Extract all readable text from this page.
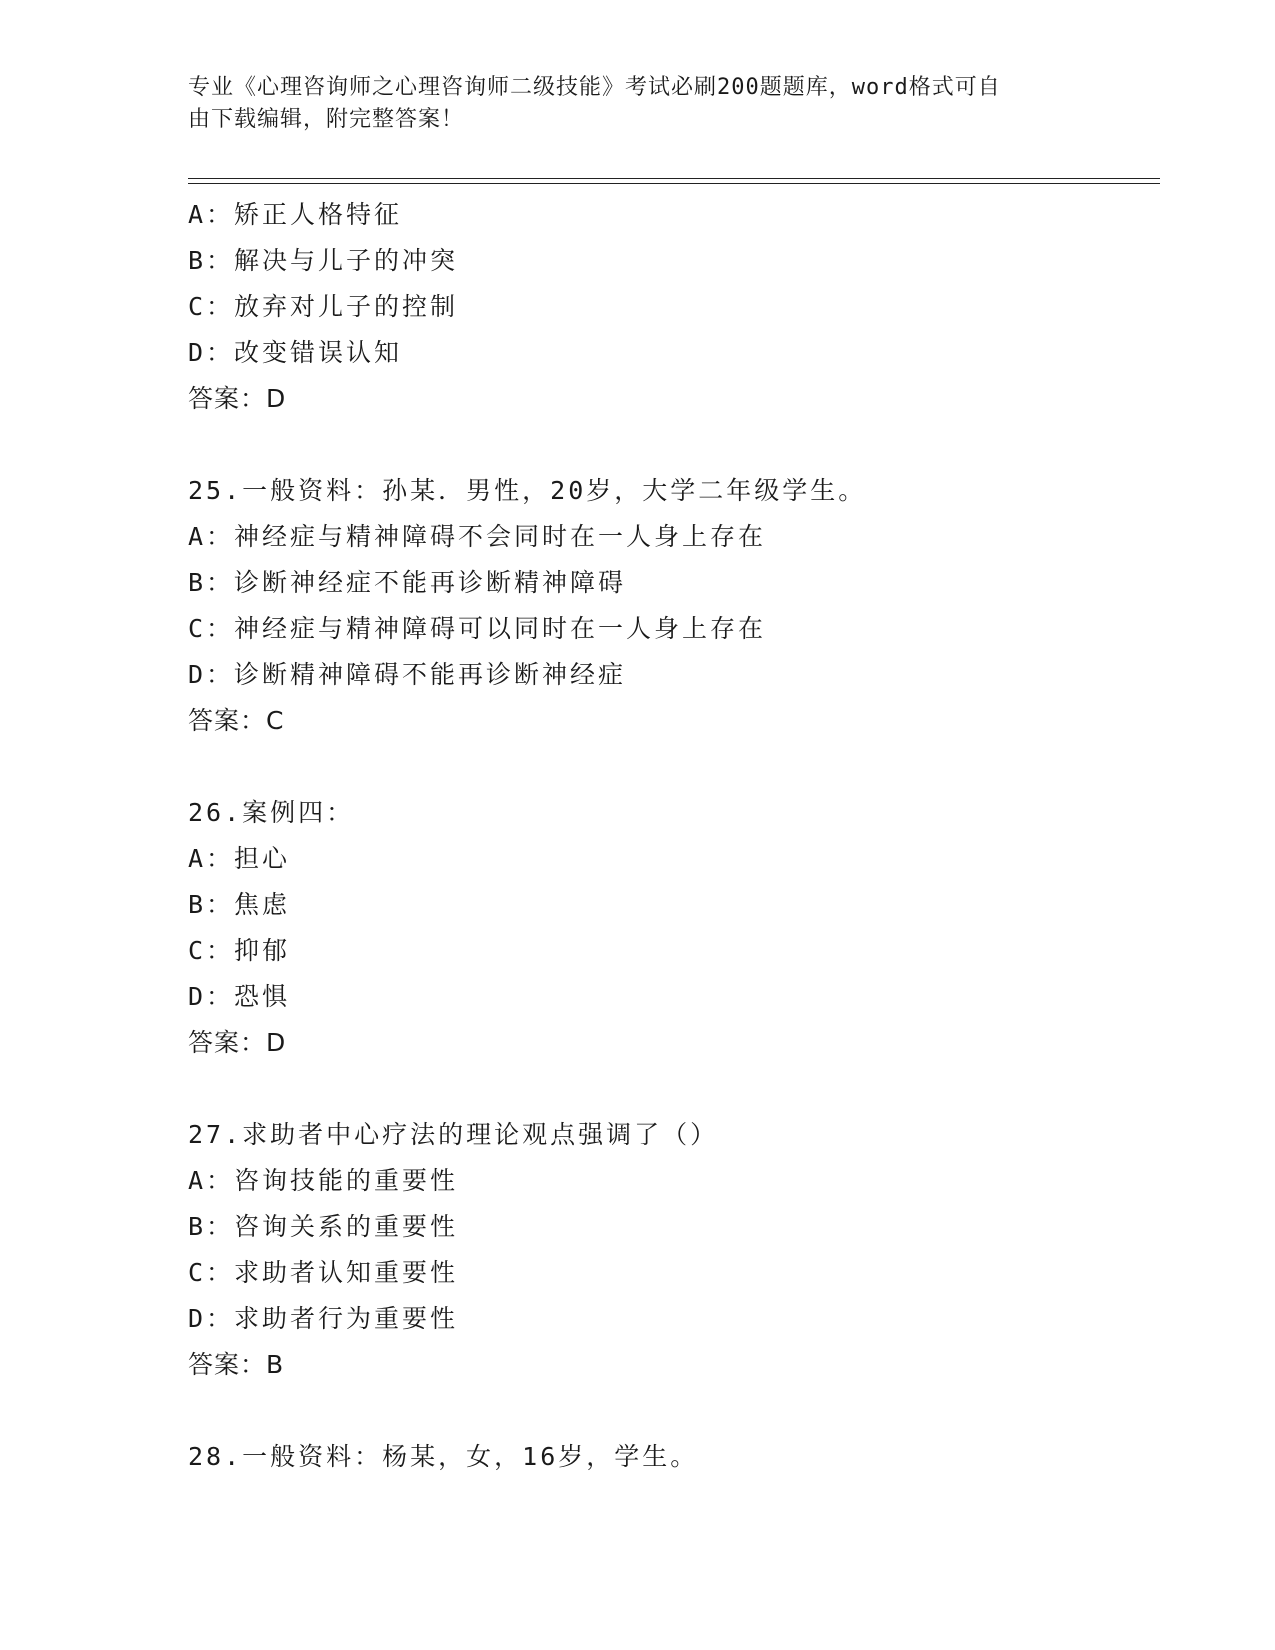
专业《心理咨询师之心理咨询师二级技能》考试必刷200题题库，word格式可自
由下载编辑，附完整答案！
A：矫正人格特征
B：解决与儿子的冲突
C：放弃对儿子的控制
D：改变错误认知
答案：D
25.一般资料：孙某．男性，20岁，大学二年级学生。
A：神经症与精神障碍不会同时在一人身上存在
B：诊断神经症不能再诊断精神障碍
C：神经症与精神障碍可以同时在一人身上存在
D：诊断精神障碍不能再诊断神经症
答案：C
26.案例四：
A：担心
B：焦虑
C：抑郁
D：恐惧
答案：D
27.求助者中心疗法的理论观点强调了（）
A：咨询技能的重要性
B：咨询关系的重要性
C：求助者认知重要性
D：求助者行为重要性
答案：B
28.一般资料：杨某，女，16岁，学生。
